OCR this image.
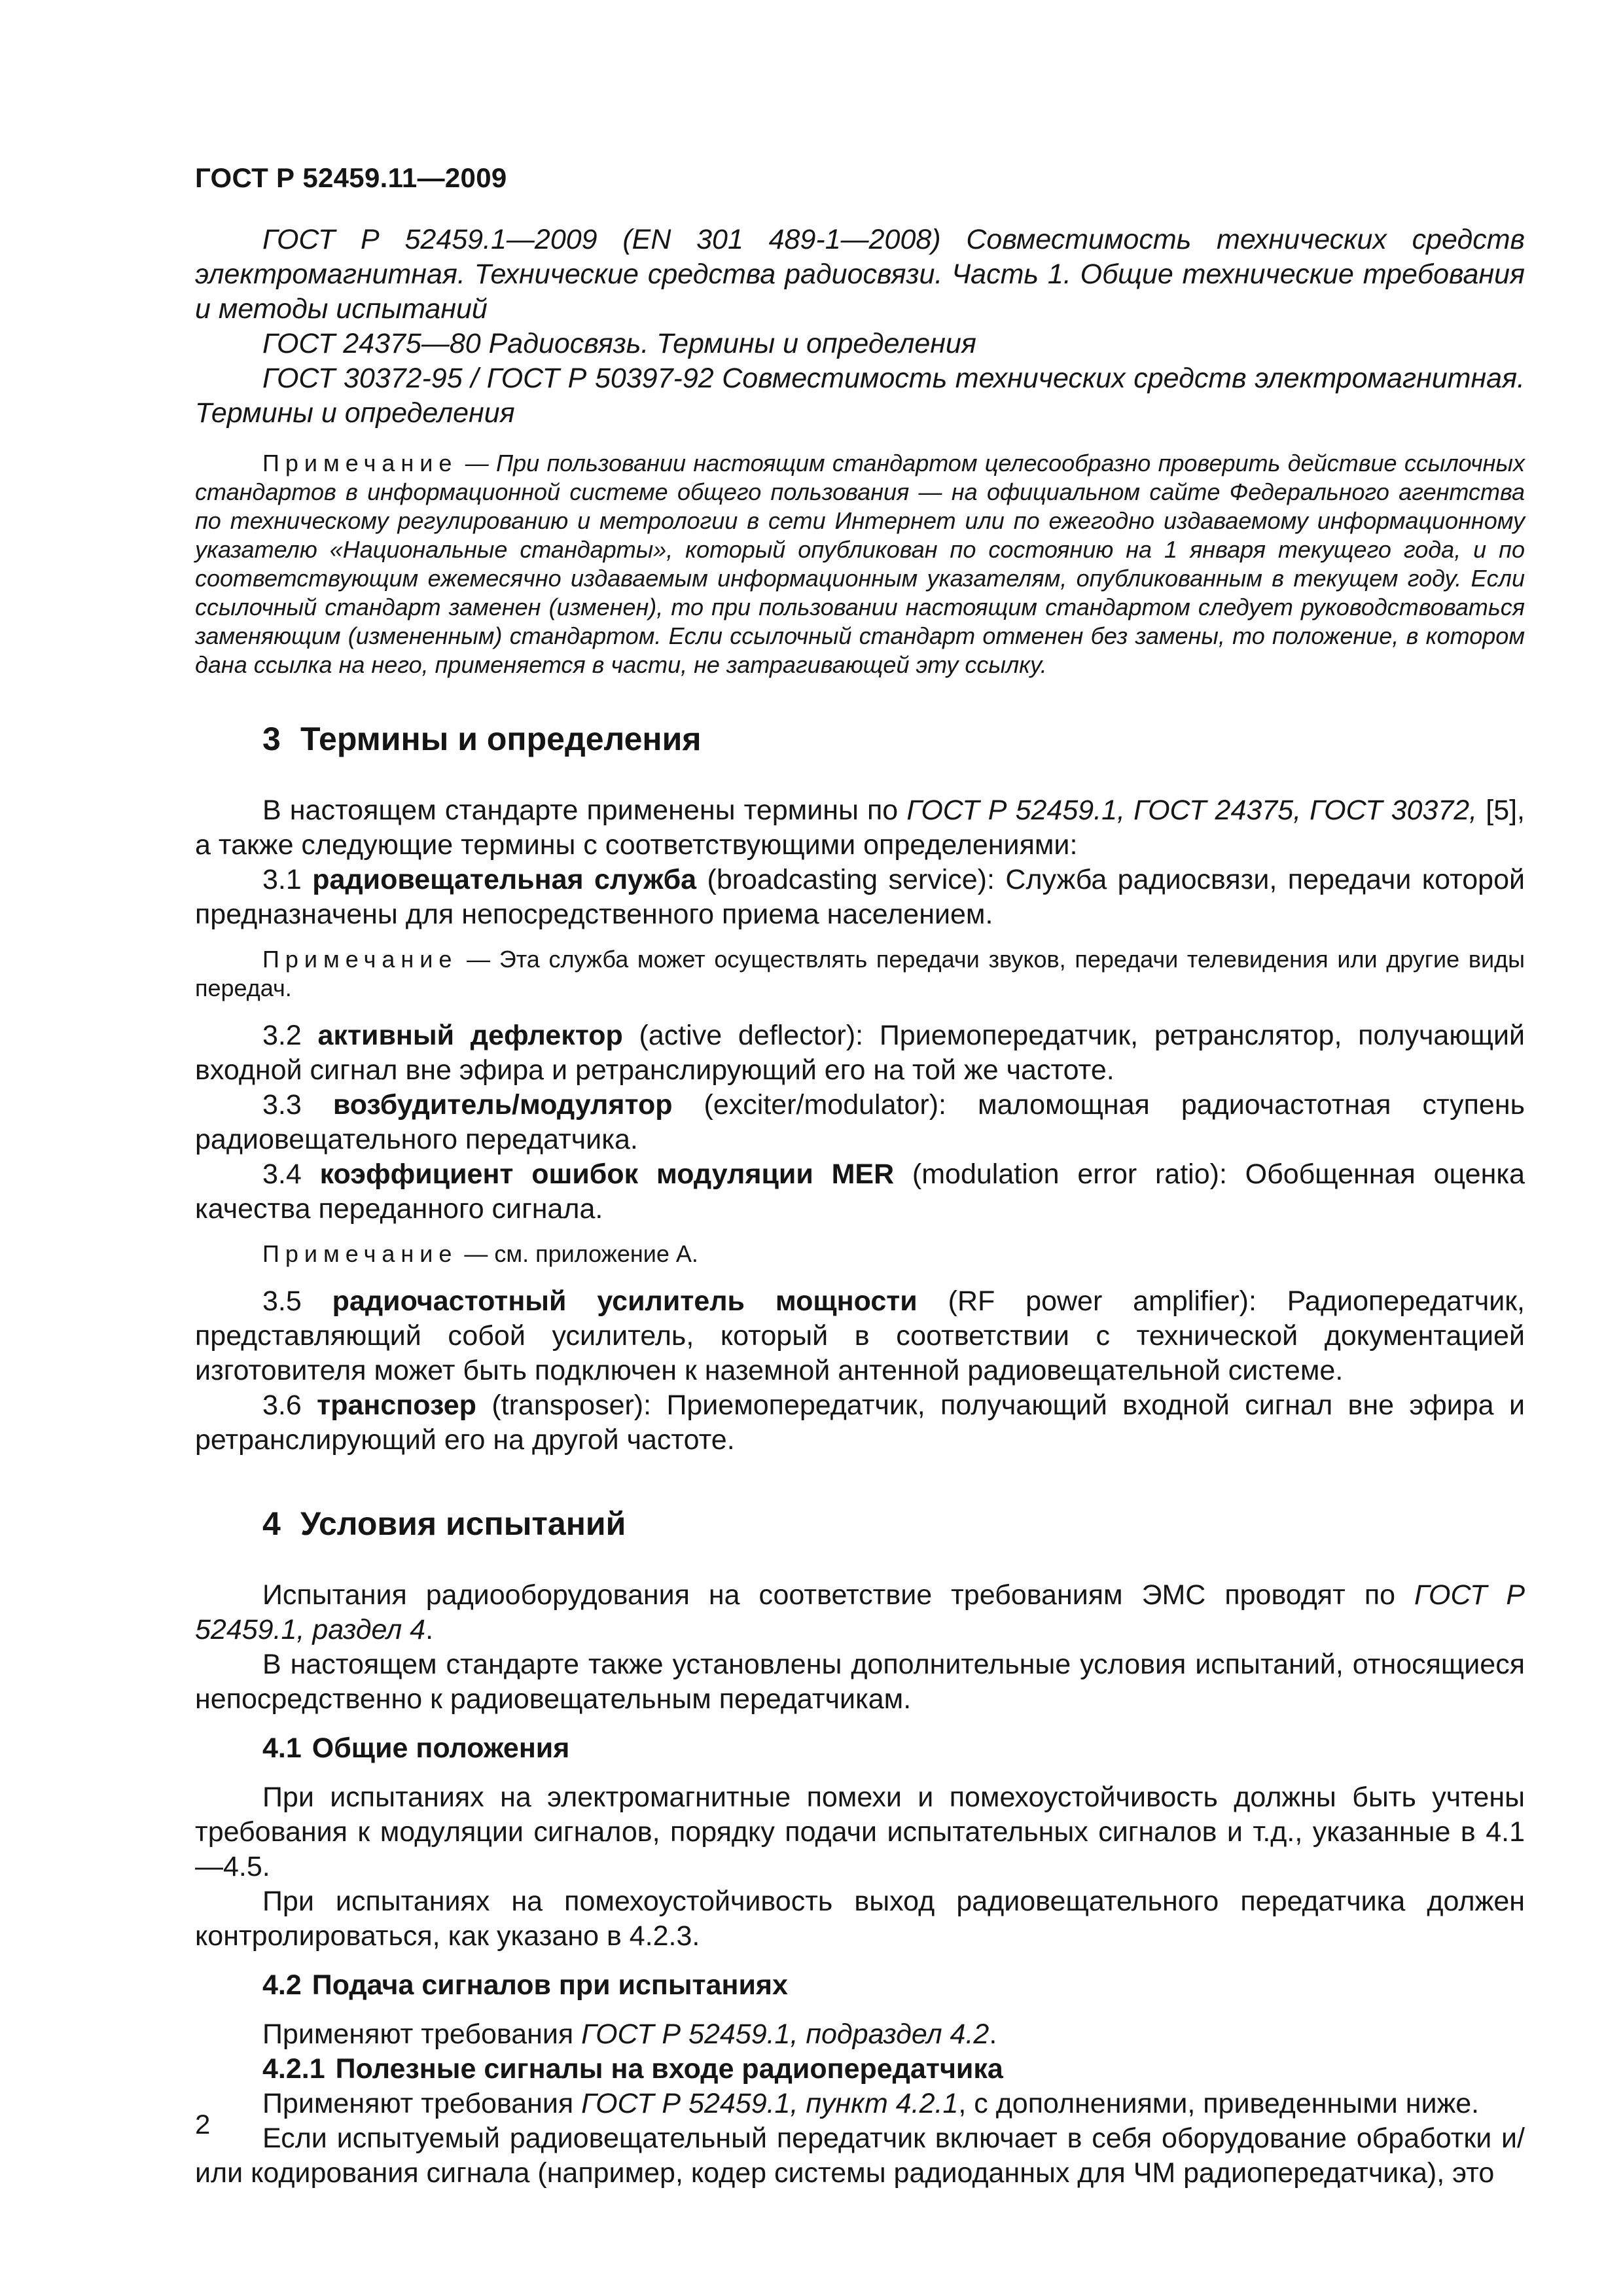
ГОСТ Р 52459.11—2009

ГОСТ Р 52459.1—2009 (EN 301 489-1—2008) Совместимость технических средств электромагнитная. Технические средства радиосвязи. Часть 1. Общие технические требования и методы испытаний

ГОСТ 24375—80 Радиосвязь. Термины и определения

ГОСТ 30372-95 / ГОСТ Р 50397-92 Совместимость технических средств электромагнитная. Термины и определения

Примечание — При пользовании настоящим стандартом целесообразно проверить действие ссылочных стандартов в информационной системе общего пользования — на официальном сайте Федерального агентства по техническому регулированию и метрологии в сети Интернет или по ежегодно издаваемому информационному указателю «Национальные стандарты», который опубликован по состоянию на 1 января текущего года, и по соответствующим ежемесячно издаваемым информационным указателям, опубликованным в текущем году. Если ссылочный стандарт заменен (изменен), то при пользовании настоящим стандартом следует руководствоваться заменяющим (измененным) стандартом. Если ссылочный стандарт отменен без замены, то положение, в котором дана ссылка на него, применяется в части, не затрагивающей эту ссылку.

3 Термины и определения

В настоящем стандарте применены термины по ГОСТ Р 52459.1, ГОСТ 24375, ГОСТ 30372, [5], а также следующие термины с соответствующими определениями:

3.1 радиовещательная служба (broadcasting service): Служба радиосвязи, передачи которой предназначены для непосредственного приема населением.

Примечание — Эта служба может осуществлять передачи звуков, передачи телевидения или другие виды передач.

3.2 активный дефлектор (active deflector): Приемопередатчик, ретранслятор, получающий входной сигнал вне эфира и ретранслирующий его на той же частоте.

3.3 возбудитель/модулятор (exciter/modulator): маломощная радиочастотная ступень радиовещательного передатчика.

3.4 коэффициент ошибок модуляции MER (modulation error ratio): Обобщенная оценка качества переданного сигнала.

Примечание — см. приложение А.

3.5 радиочастотный усилитель мощности (RF power amplifier): Радиопередатчик, представляющий собой усилитель, который в соответствии с технической документацией изготовителя может быть подключен к наземной антенной радиовещательной системе.

3.6 транспозер (transposer): Приемопередатчик, получающий входной сигнал вне эфира и ретранслирующий его на другой частоте.

4 Условия испытаний

Испытания радиооборудования на соответствие требованиям ЭМС проводят по ГОСТ Р 52459.1, раздел 4.

В настоящем стандарте также установлены дополнительные условия испытаний, относящиеся непосредственно к радиовещательным передатчикам.

4.1 Общие положения

При испытаниях на электромагнитные помехи и помехоустойчивость должны быть учтены требования к модуляции сигналов, порядку подачи испытательных сигналов и т.д., указанные в 4.1—4.5.

При испытаниях на помехоустойчивость выход радиовещательного передатчика должен контролироваться, как указано в 4.2.3.

4.2 Подача сигналов при испытаниях

Применяют требования ГОСТ Р 52459.1, подраздел 4.2.

4.2.1 Полезные сигналы на входе радиопередатчика

Применяют требования ГОСТ Р 52459.1, пункт 4.2.1, с дополнениями, приведенными ниже.

Если испытуемый радиовещательный передатчик включает в себя оборудование обработки и/или кодирования сигнала (например, кодер системы радиоданных для ЧМ радиопередатчика), это

2
